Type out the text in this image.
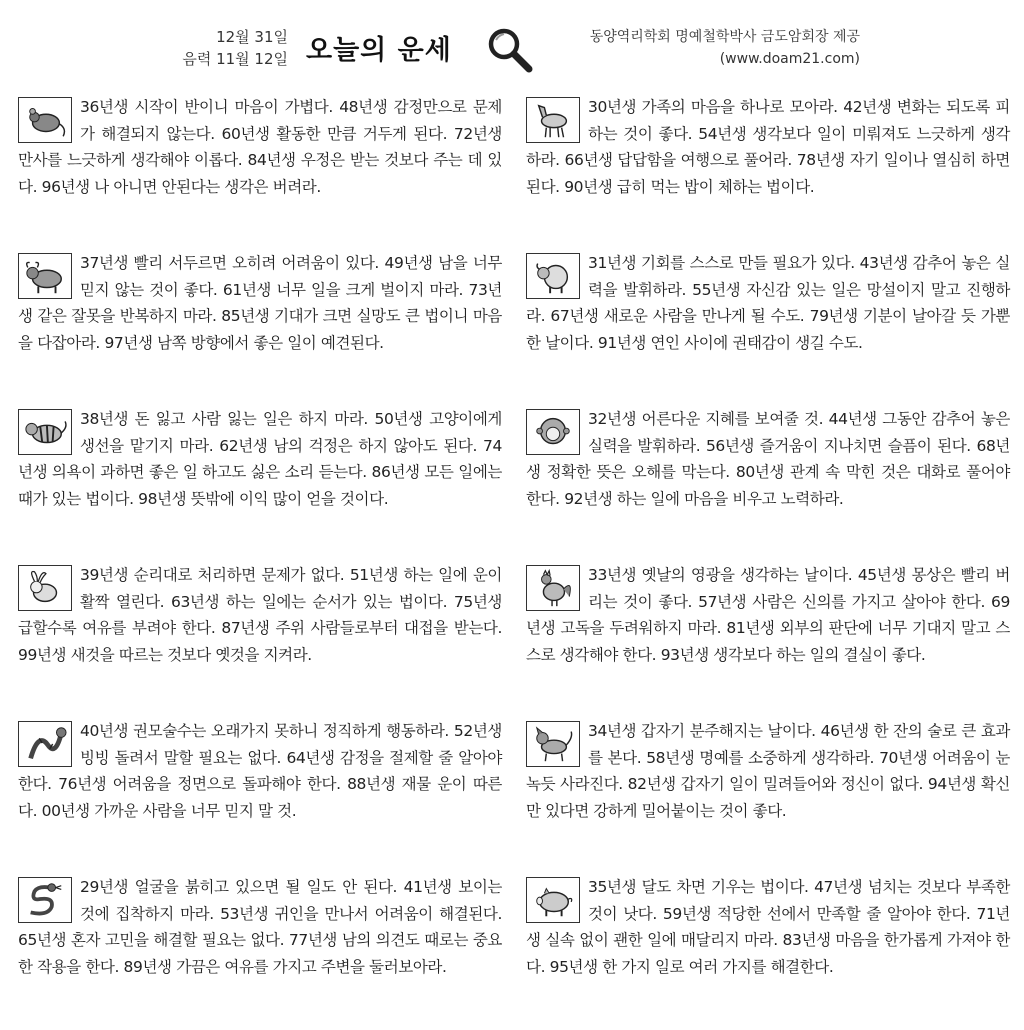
12월 31일
음력 11월 12일 오늘의 운세	동양역리학회 명예철학박사 금도암회장 제공
(www.doam21.com)

36년생 시작이 반이니 마음이 가볍다. 48년생 감정만으로 문제가 해결되지 않는다. 60년생 활동한 만큼 거두게 된다. 72년생 만사를 느긋하게 생각해야 이롭다. 84년생 우정은 받는 것보다 주는 데 있다. 96년생 나 아니면 안된다는 생각은 버려라.

37년생 빨리 서두르면 오히려 어려움이 있다. 49년생 남을 너무 믿지 않는 것이 좋다. 61년생 너무 일을 크게 벌이지 마라. 73년생 같은 잘못을 반복하지 마라. 85년생 기대가 크면 실망도 큰 법이니 마음을 다잡아라. 97년생 남쪽 방향에서 좋은 일이 예견된다.

38년생 돈 잃고 사람 잃는 일은 하지 마라. 50년생 고양이에게 생선을 맡기지 마라. 62년생 남의 걱정은 하지 않아도 된다. 74년생 의욕이 과하면 좋은 일 하고도 싫은 소리 듣는다. 86년생 모든 일에는 때가 있는 법이다. 98년생 뜻밖에 이익 많이 얻을 것이다.

39년생 순리대로 처리하면 문제가 없다. 51년생 하는 일에 운이 활짝 열린다. 63년생 하는 일에는 순서가 있는 법이다. 75년생 급할수록 여유를 부려야 한다. 87년생 주위 사람들로부터 대접을 받는다. 99년생 새것을 따르는 것보다 옛것을 지켜라.

40년생 권모술수는 오래가지 못하니 정직하게 행동하라. 52년생 빙빙 돌려서 말할 필요는 없다. 64년생 감정을 절제할 줄 알아야 한다. 76년생 어려움을 정면으로 돌파해야 한다. 88년생 재물 운이 따른다. 00년생 가까운 사람을 너무 믿지 말 것.

29년생 얼굴을 붉히고 있으면 될 일도 안 된다. 41년생 보이는 것에 집착하지 마라. 53년생 귀인을 만나서 어려움이 해결된다. 65년생 혼자 고민을 해결할 필요는 없다. 77년생 남의 의견도 때로는 중요한 작용을 한다. 89년생 가끔은 여유를 가지고 주변을 둘러보아라.

30년생 가족의 마음을 하나로 모아라. 42년생 변화는 되도록 피하는 것이 좋다. 54년생 생각보다 일이 미뤄져도 느긋하게 생각하라. 66년생 답답함을 여행으로 풀어라. 78년생 자기 일이나 열심히 하면 된다. 90년생 급히 먹는 밥이 체하는 법이다.

31년생 기회를 스스로 만들 필요가 있다. 43년생 감추어 놓은 실력을 발휘하라. 55년생 자신감 있는 일은 망설이지 말고 진행하라. 67년생 새로운 사람을 만나게 될 수도. 79년생 기분이 날아갈 듯 가뿐한 날이다. 91년생 연인 사이에 권태감이 생길 수도.

32년생 어른다운 지혜를 보여줄 것. 44년생 그동안 감추어 놓은 실력을 발휘하라. 56년생 즐거움이 지나치면 슬픔이 된다. 68년생 정확한 뜻은 오해를 막는다. 80년생 관계 속 막힌 것은 대화로 풀어야 한다. 92년생 하는 일에 마음을 비우고 노력하라.

33년생 옛날의 영광을 생각하는 날이다. 45년생 몽상은 빨리 버리는 것이 좋다. 57년생 사람은 신의를 가지고 살아야 한다. 69년생 고독을 두려워하지 마라. 81년생 외부의 판단에 너무 기대지 말고 스스로 생각해야 한다. 93년생 생각보다 하는 일의 결실이 좋다.

34년생 갑자기 분주해지는 날이다. 46년생 한 잔의 술로 큰 효과를 본다. 58년생 명예를 소중하게 생각하라. 70년생 어려움이 눈 녹듯 사라진다. 82년생 갑자기 일이 밀려들어와 정신이 없다. 94년생 확신만 있다면 강하게 밀어붙이는 것이 좋다.

35년생 달도 차면 기우는 법이다. 47년생 넘치는 것보다 부족한 것이 낫다. 59년생 적당한 선에서 만족할 줄 알아야 한다. 71년생 실속 없이 괜한 일에 매달리지 마라. 83년생 마음을 한가롭게 가져야 한다. 95년생 한 가지 일로 여러 가지를 해결한다.
